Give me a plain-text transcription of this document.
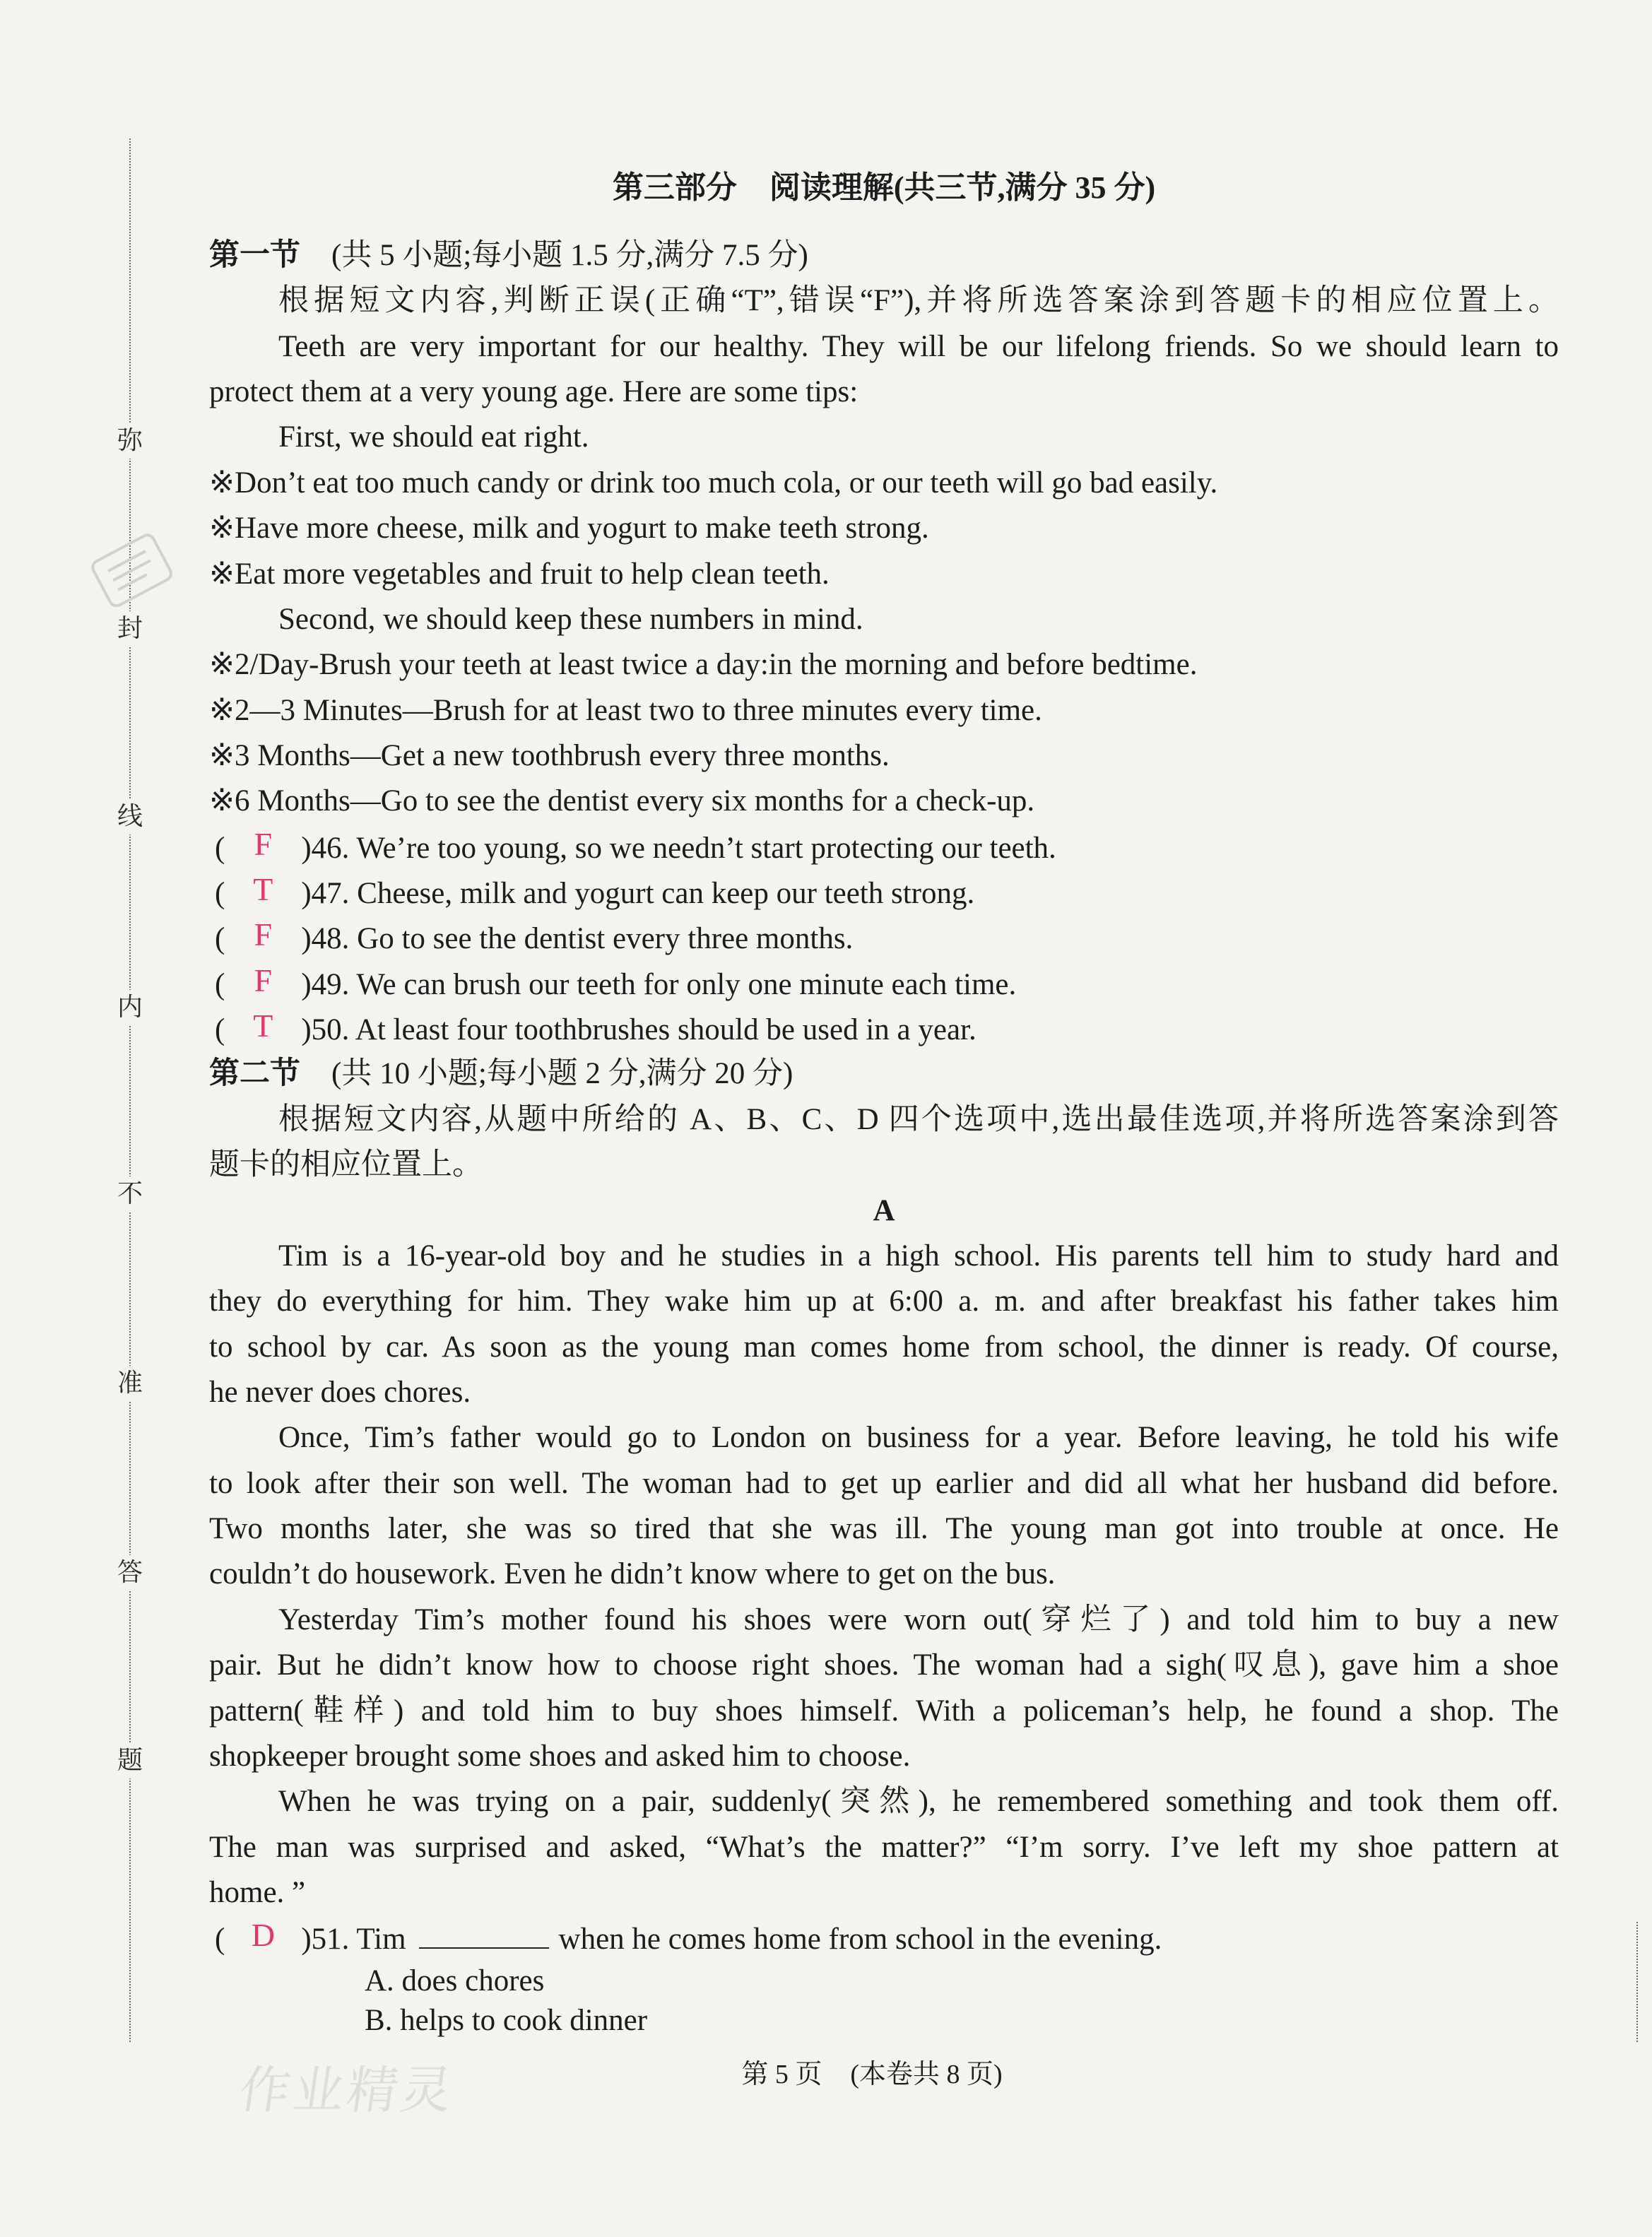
弥
封
线
内
不
准
答
题
第三部分 阅读理解(共三节,满分 35 分)
第一节 (共 5 小题;每小题 1.5 分,满分 7.5 分)
根据短文内容,判断正误(正确“T”,错误“F”),并将所选答案涂到答题卡的相应位置上。
Teeth are very important for our healthy. They will be our lifelong friends. So we should learn to
protect them at a very young age. Here are some tips:
First, we should eat right.
※Don’t eat too much candy or drink too much cola, or our teeth will go bad easily.
※Have more cheese, milk and yogurt to make teeth strong.
※Eat more vegetables and fruit to help clean teeth.
Second, we should keep these numbers in mind.
※2/Day-Brush your teeth at least twice a day:in the morning and before bedtime.
※2—3 Minutes—Brush for at least two to three minutes every time.
※3 Months—Get a new toothbrush every three months.
※6 Months—Go to see the dentist every six months for a check-up.
( F )46. We’re too young, so we needn’t start protecting our teeth.
( T )47. Cheese, milk and yogurt can keep our teeth strong.
( F )48. Go to see the dentist every three months.
( F )49. We can brush our teeth for only one minute each time.
( T )50. At least four toothbrushes should be used in a year.
第二节 (共 10 小题;每小题 2 分,满分 20 分)
根据短文内容,从题中所给的 A、B、C、D 四个选项中,选出最佳选项,并将所选答案涂到答
题卡的相应位置上。
A
Tim is a 16-year-old boy and he studies in a high school. His parents tell him to study hard and
they do everything for him. They wake him up at 6:00 a. m. and after breakfast his father takes him
to school by car. As soon as the young man comes home from school, the dinner is ready. Of course,
he never does chores.
Once, Tim’s father would go to London on business for a year. Before leaving, he told his wife
to look after their son well. The woman had to get up earlier and did all what her husband did before.
Two months later, she was so tired that she was ill. The young man got into trouble at once. He
couldn’t do housework. Even he didn’t know where to get on the bus.
Yesterday Tim’s mother found his shoes were worn out(穿烂了) and told him to buy a new
pair. But he didn’t know how to choose right shoes. The woman had a sigh(叹息), gave him a shoe
pattern(鞋样) and told him to buy shoes himself. With a policeman’s help, he found a shop. The
shopkeeper brought some shoes and asked him to choose.
When he was trying on a pair, suddenly(突然), he remembered something and took them off.
The man was surprised and asked, “What’s the matter?” “I’m sorry. I’ve left my shoe pattern at
home. ”
( D )51. Tim	when he comes home from school in the evening.
A. does chores
B. helps to cook dinner
第 5 页 (本卷共 8 页)
作业精灵
